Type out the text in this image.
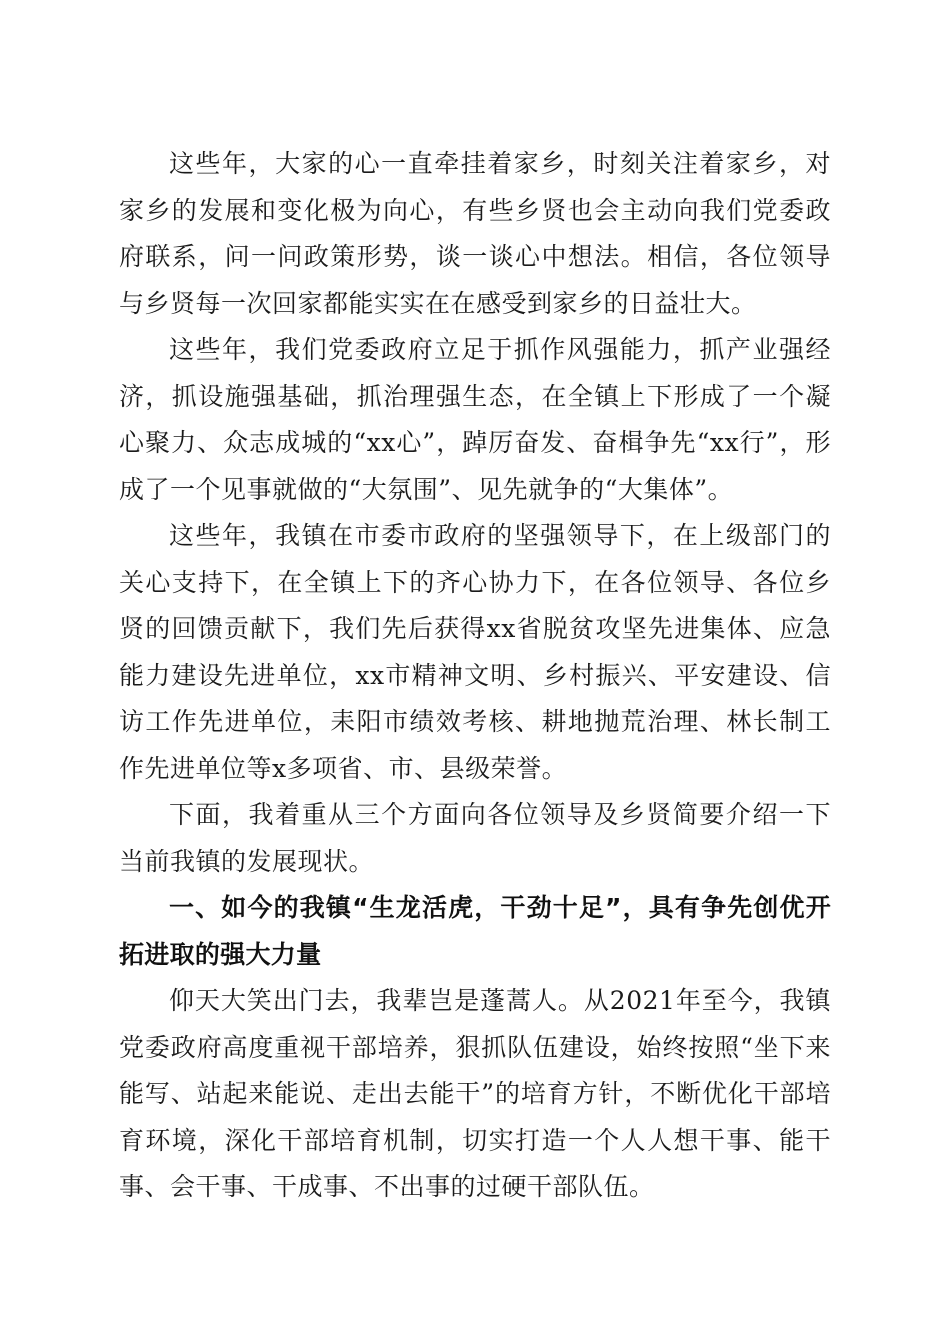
这些年，大家的心一直牵挂着家乡，时刻关注着家乡，对家乡的发展和变化极为向心，有些乡贤也会主动向我们党委政府联系，问一问政策形势，谈一谈心中想法。相信，各位领导与乡贤每一次回家都能实实在在感受到家乡的日益壮大。

这些年，我们党委政府立足于抓作风强能力，抓产业强经济，抓设施强基础，抓治理强生态，在全镇上下形成了一个凝心聚力、众志成城的“xx心”，踔厉奋发、奋楫争先“xx行”，形成了一个见事就做的“大氛围”、见先就争的“大集体”。

这些年，我镇在市委市政府的坚强领导下，在上级部门的关心支持下，在全镇上下的齐心协力下，在各位领导、各位乡贤的回馈贡献下，我们先后获得xx省脱贫攻坚先进集体、应急能力建设先进单位，xx市精神文明、乡村振兴、平安建设、信访工作先进单位，耒阳市绩效考核、耕地抛荒治理、林长制工作先进单位等x多项省、市、县级荣誉。

下面，我着重从三个方面向各位领导及乡贤简要介绍一下当前我镇的发展现状。

一、如今的我镇“生龙活虎，干劲十足”，具有争先创优开拓进取的强大力量

仰天大笑出门去，我辈岂是蓬蒿人。从2021年至今，我镇党委政府高度重视干部培养，狠抓队伍建设，始终按照“坐下来能写、站起来能说、走出去能干”的培育方针，不断优化干部培育环境，深化干部培育机制，切实打造一个人人想干事、能干事、会干事、干成事、不出事的过硬干部队伍。
